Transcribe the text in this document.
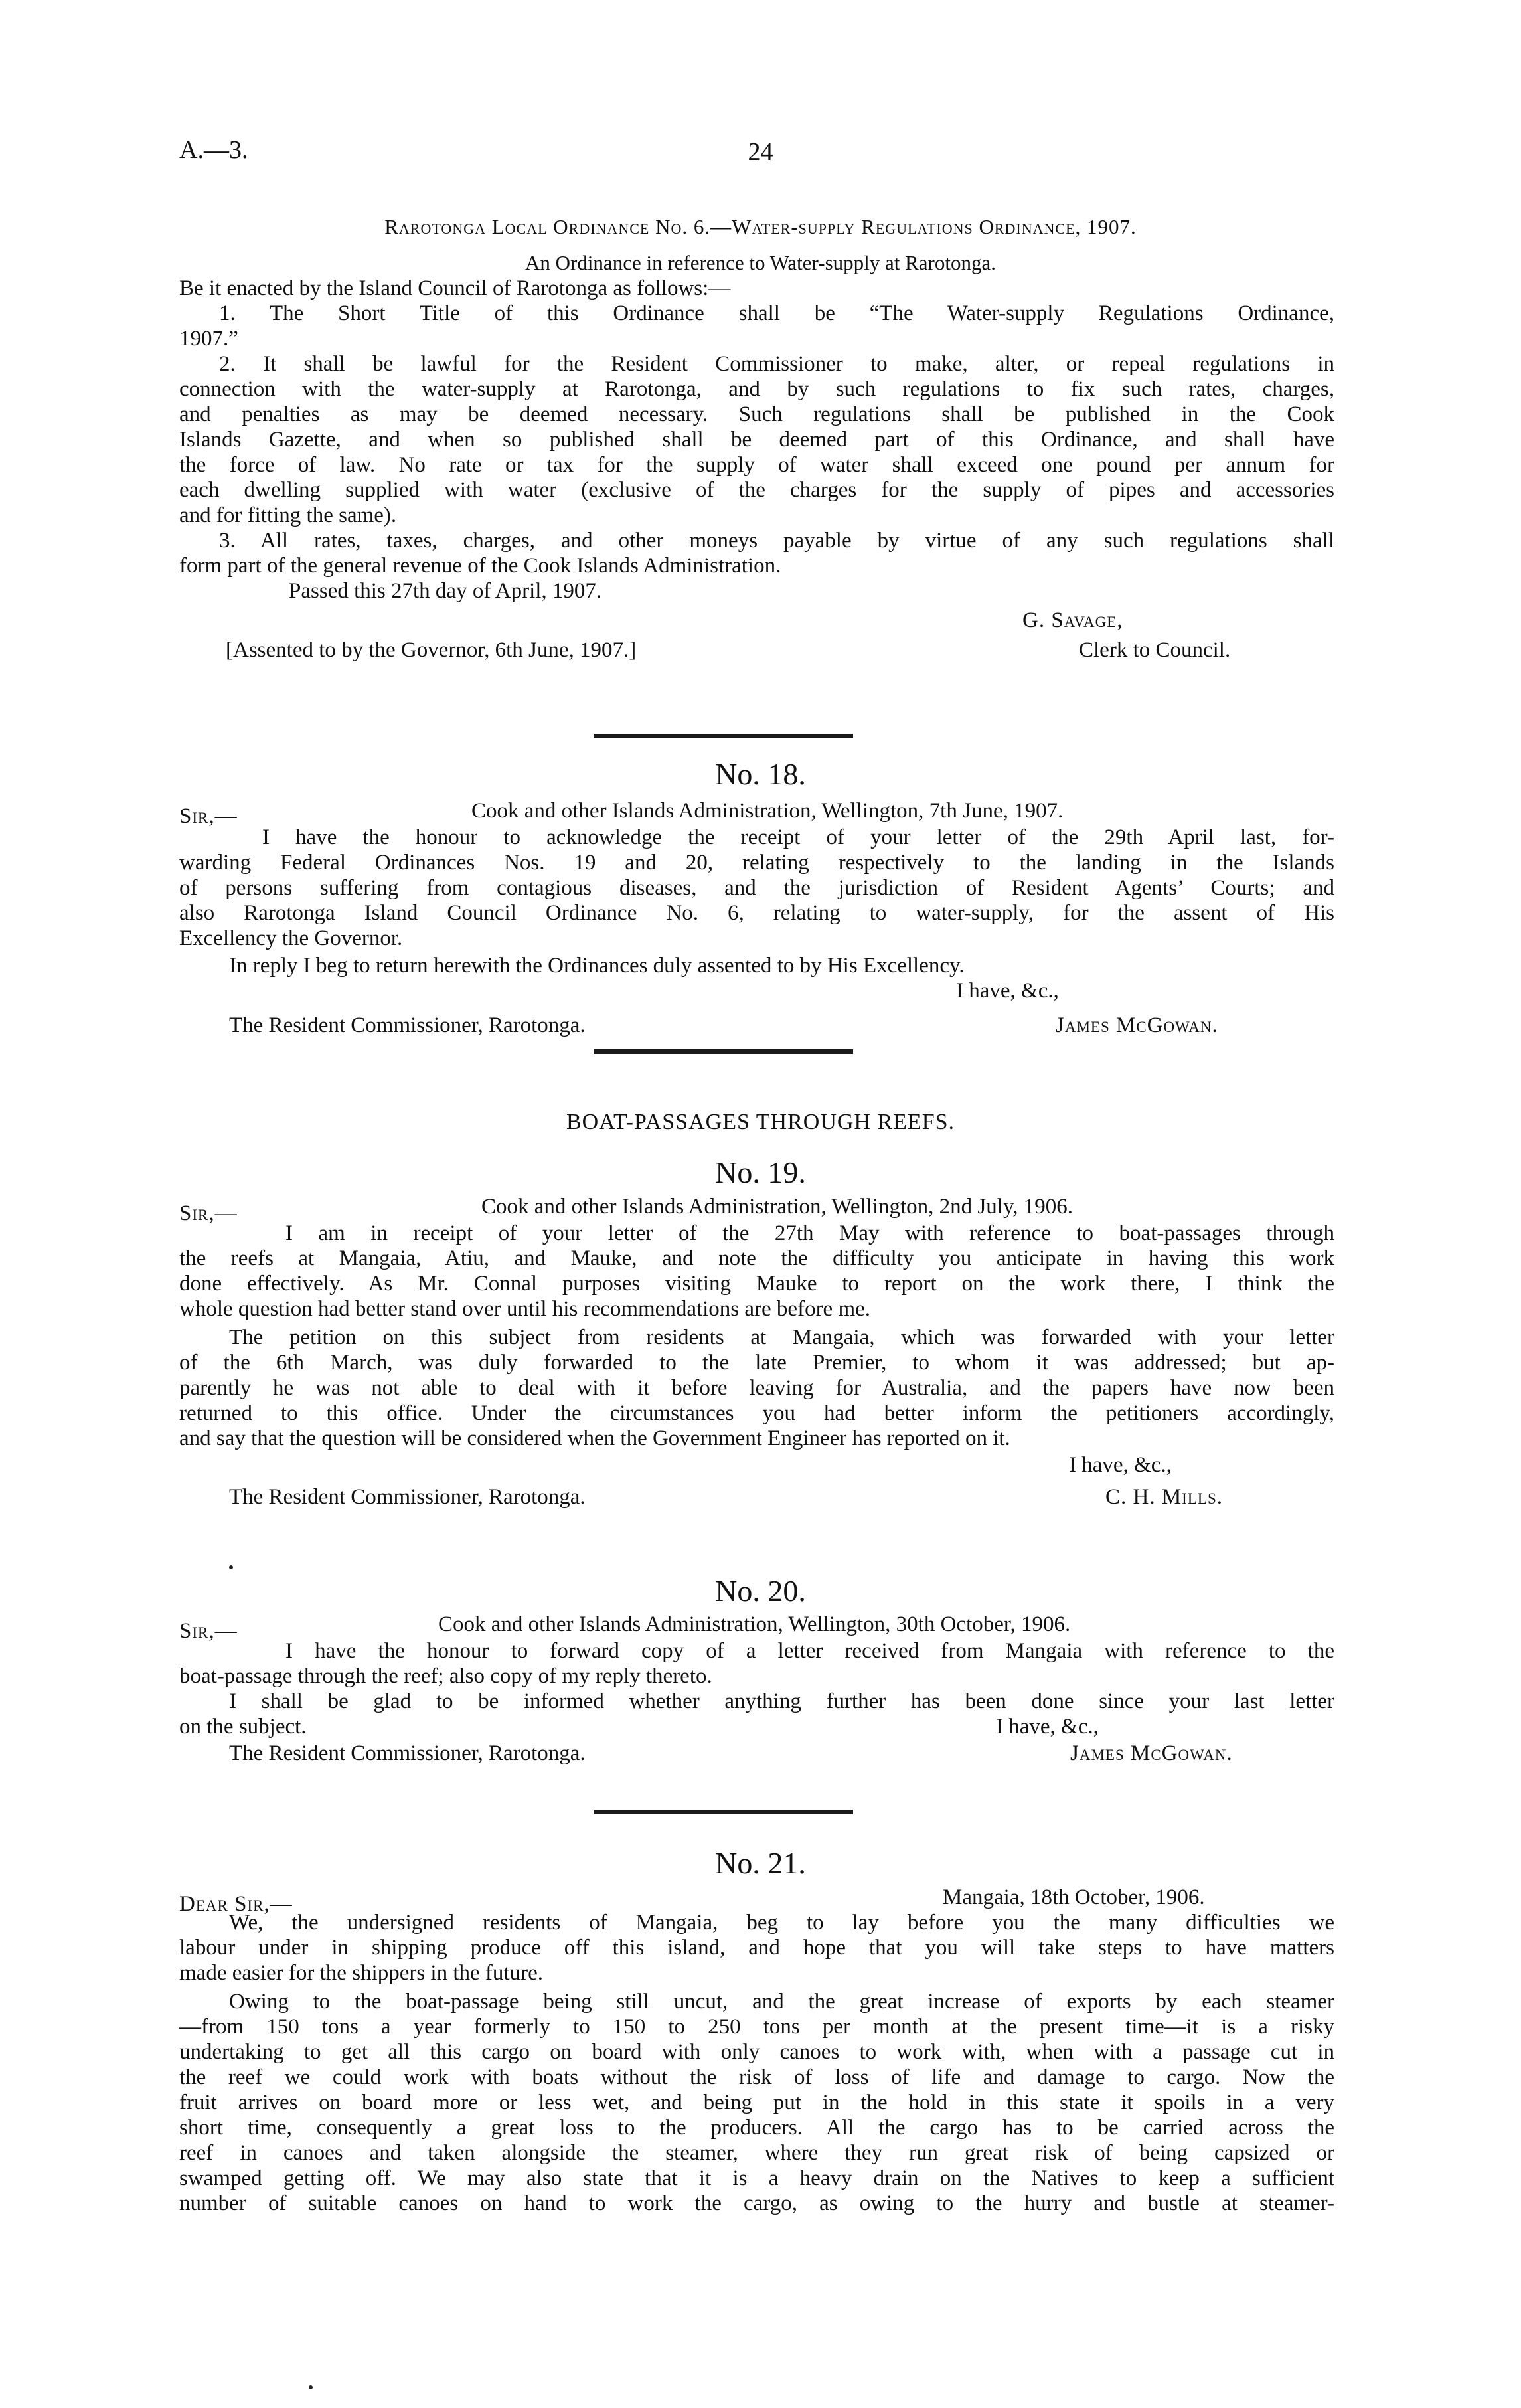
A.—3.	24
Rarotonga Local Ordinance No. 6.—Water-supply Regulations Ordinance, 1907.
An Ordinance in reference to Water-supply at Rarotonga.
Be it enacted by the Island Council of Rarotonga as follows:—
1. The Short Title of this Ordinance shall be “The Water-supply Regulations Ordinance,
1907.”
2. It shall be lawful for the Resident Commissioner to make, alter, or repeal regulations in
connection with the water-supply at Rarotonga, and by such regulations to fix such rates, charges,
and penalties as may be deemed necessary. Such regulations shall be published in the Cook
Islands Gazette, and when so published shall be deemed part of this Ordinance, and shall have
the force of law. No rate or tax for the supply of water shall exceed one pound per annum for
each dwelling supplied with water (exclusive of the charges for the supply of pipes and accessories
and for fitting the same).
3. All rates, taxes, charges, and other moneys payable by virtue of any such regulations shall
form part of the general revenue of the Cook Islands Administration.
Passed this 27th day of April, 1907.
G. Savage,
[Assented to by the Governor, 6th June, 1907.]	Clerk to Council.
No. 18.
Sir,—	Cook and other Islands Administration, Wellington, 7th June, 1907.
I have the honour to acknowledge the receipt of your letter of the 29th April last, for-
warding Federal Ordinances Nos. 19 and 20, relating respectively to the landing in the Islands
of persons suffering from contagious diseases, and the jurisdiction of Resident Agents’ Courts; and
also Rarotonga Island Council Ordinance No. 6, relating to water-supply, for the assent of His
Excellency the Governor.
In reply I beg to return herewith the Ordinances duly assented to by His Excellency.
I have, &c.,
The Resident Commissioner, Rarotonga.	James McGowan.
BOAT-PASSAGES THROUGH REEFS.
No. 19.
Sir,—	Cook and other Islands Administration, Wellington, 2nd July, 1906.
I am in receipt of your letter of the 27th May with reference to boat-passages through
the reefs at Mangaia, Atiu, and Mauke, and note the difficulty you anticipate in having this work
done effectively. As Mr. Connal purposes visiting Mauke to report on the work there, I think the
whole question had better stand over until his recommendations are before me.
The petition on this subject from residents at Mangaia, which was forwarded with your letter
of the 6th March, was duly forwarded to the late Premier, to whom it was addressed; but ap-
parently he was not able to deal with it before leaving for Australia, and the papers have now been
returned to this office. Under the circumstances you had better inform the petitioners accordingly,
and say that the question will be considered when the Government Engineer has reported on it.
I have, &c.,
The Resident Commissioner, Rarotonga.	C. H. Mills.
No. 20.
Sir,—	Cook and other Islands Administration, Wellington, 30th October, 1906.
I have the honour to forward copy of a letter received from Mangaia with reference to the
boat-passage through the reef; also copy of my reply thereto.
I shall be glad to be informed whether anything further has been done since your last letter
on the subject.	I have, &c.,
The Resident Commissioner, Rarotonga.	James McGowan.
No. 21.
Dear Sir,—	Mangaia, 18th October, 1906.
We, the undersigned residents of Mangaia, beg to lay before you the many difficulties we
labour under in shipping produce off this island, and hope that you will take steps to have matters
made easier for the shippers in the future.
Owing to the boat-passage being still uncut, and the great increase of exports by each steamer
—from 150 tons a year formerly to 150 to 250 tons per month at the present time—it is a risky
undertaking to get all this cargo on board with only canoes to work with, when with a passage cut in
the reef we could work with boats without the risk of loss of life and damage to cargo. Now the
fruit arrives on board more or less wet, and being put in the hold in this state it spoils in a very
short time, consequently a great loss to the producers. All the cargo has to be carried across the
reef in canoes and taken alongside the steamer, where they run great risk of being capsized or
swamped getting off. We may also state that it is a heavy drain on the Natives to keep a sufficient
number of suitable canoes on hand to work the cargo, as owing to the hurry and bustle at steamer-
